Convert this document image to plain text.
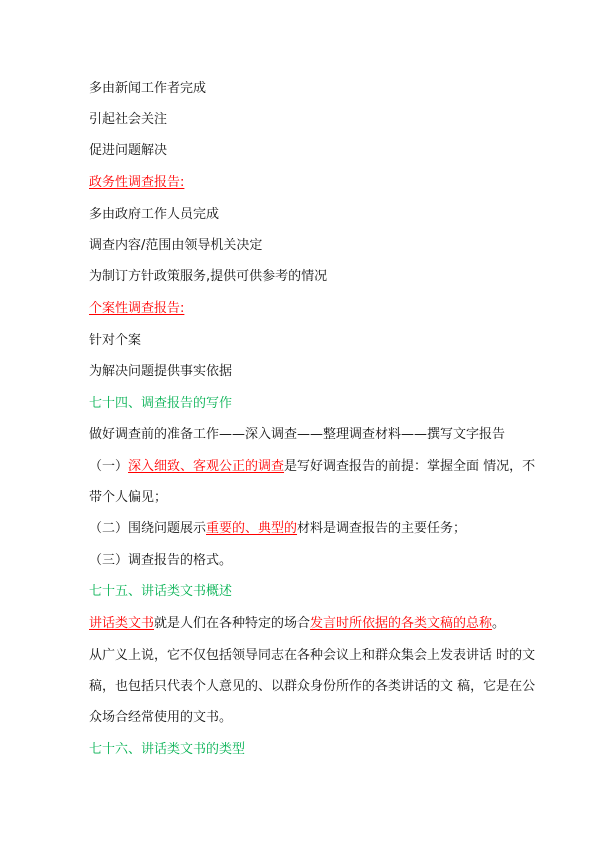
多由新闻工作者完成
引起社会关注
促进问题解决
政务性调查报告:
多由政府工作人员完成
调查内容/范围由领导机关决定
为制订方针政策服务,提供可供参考的情况
个案性调查报告:
针对个案
为解决问题提供事实依据
七十四、调查报告的写作
做好调查前的准备工作——深入调查——整理调查材料——撰写文字报告
（一）深入细致、客观公正的调查是写好调查报告的前提：掌握全面 情况，不
带个人偏见；
（二）围绕问题展示重要的、典型的材料是调查报告的主要任务；
（三）调查报告的格式。
七十五、讲话类文书概述
讲话类文书就是人们在各种特定的场合发言时所依据的各类文稿的总称。
从广义上说，它不仅包括领导同志在各种会议上和群众集会上发表讲话 时的文
稿，也包括只代表个人意见的、以群众身份所作的各类讲话的文 稿，它是在公
众场合经常使用的文书。
七十六、讲话类文书的类型
